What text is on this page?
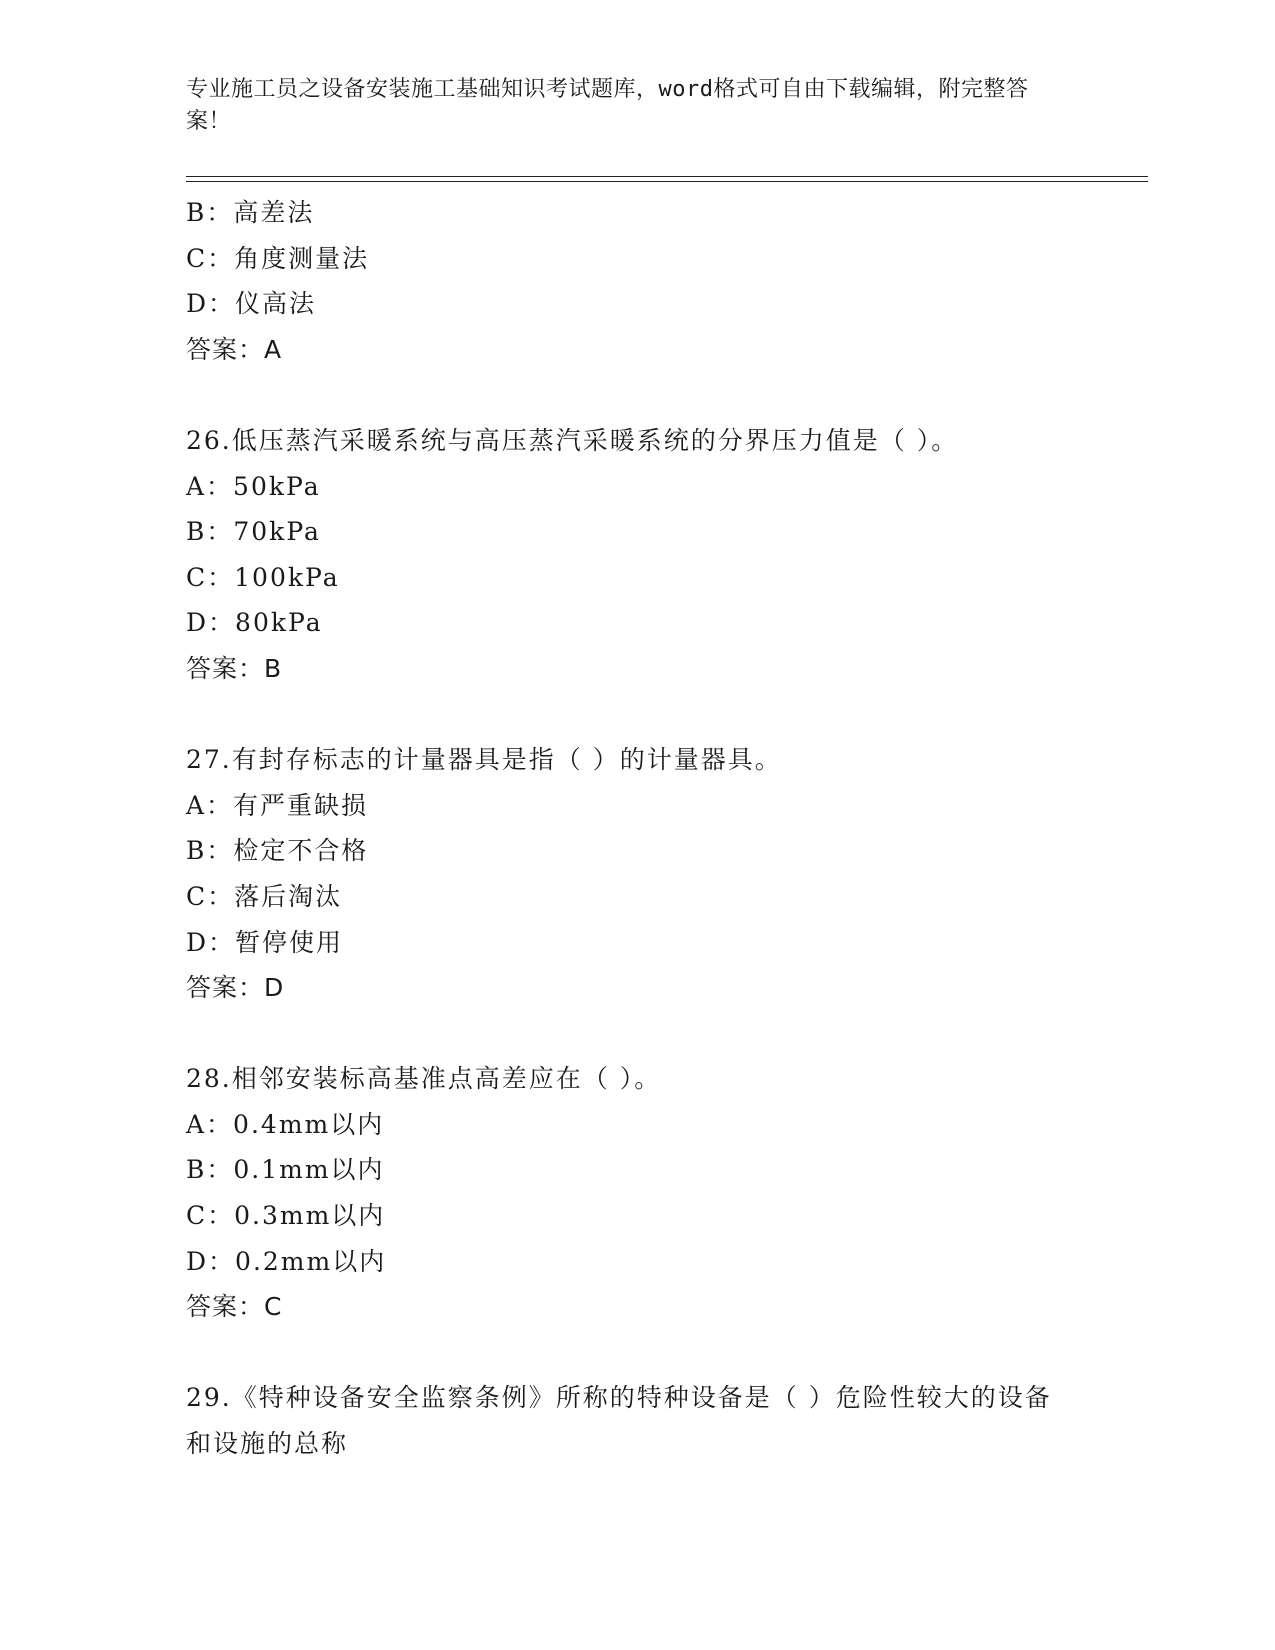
专业施工员之设备安装施工基础知识考试题库，word格式可自由下载编辑，附完整答案！
B：高差法
C：角度测量法
D：仪高法
答案：A
26.低压蒸汽采暖系统与高压蒸汽采暖系统的分界压力值是（ ）。
A：50kPa
B：70kPa
C：100kPa
D：80kPa
答案：B
27.有封存标志的计量器具是指（ ）的计量器具。
A：有严重缺损
B：检定不合格
C：落后淘汰
D：暂停使用
答案：D
28.相邻安装标高基准点高差应在（ ）。
A：0.4mm以内
B：0.1mm以内
C：0.3mm以内
D：0.2mm以内
答案：C
29.《特种设备安全监察条例》所称的特种设备是（ ）危险性较大的设备和设施的总称
